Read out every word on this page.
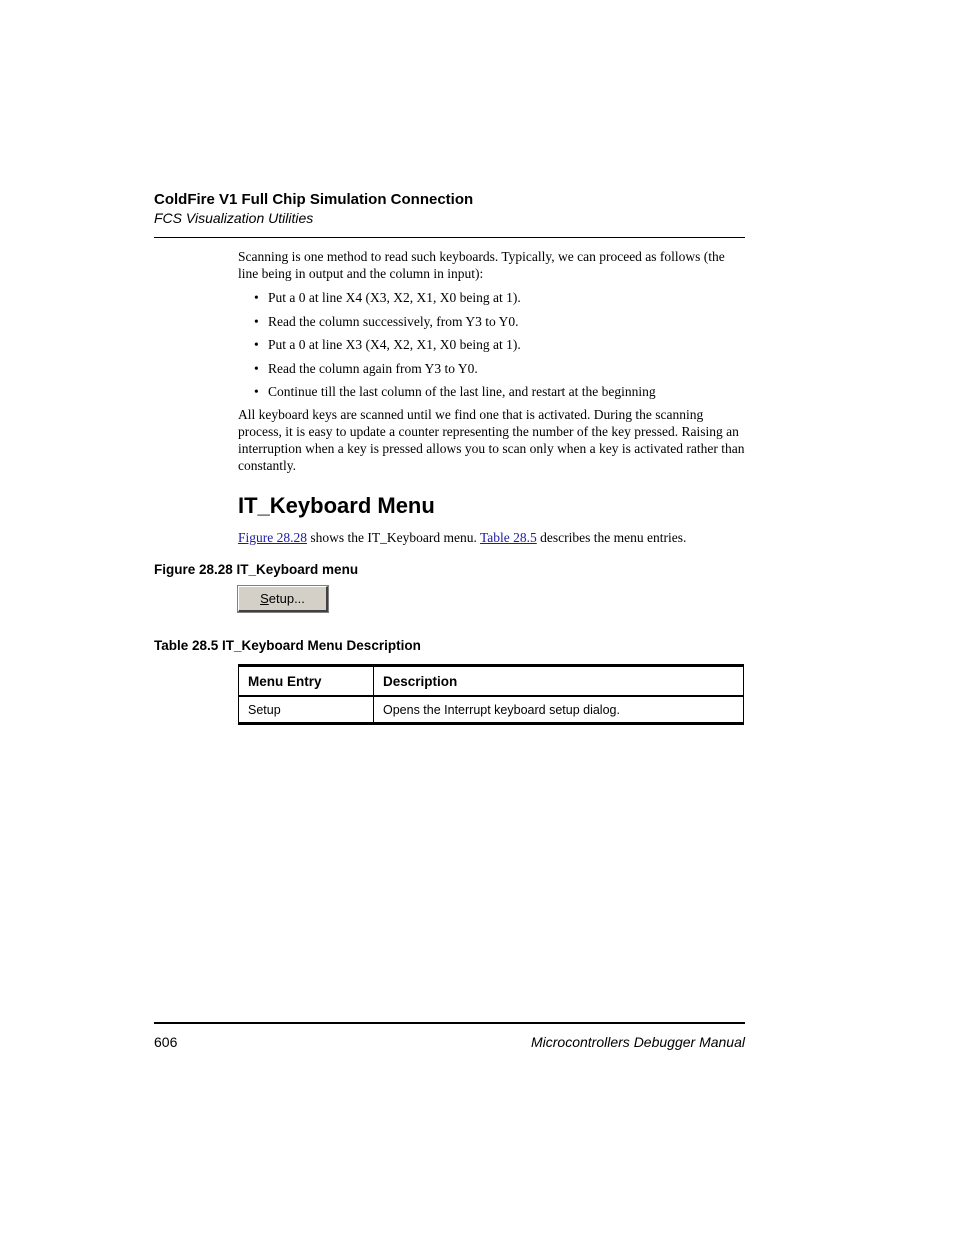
ColdFire V1 Full Chip Simulation Connection
FCS Visualization Utilities

Scanning is one method to read such keyboards. Typically, we can proceed as follows (the line being in output and the column in input):

• Put a 0 at line X4 (X3, X2, X1, X0 being at 1).
• Read the column successively, from Y3 to Y0.
• Put a 0 at line X3 (X4, X2, X1, X0 being at 1).
• Read the column again from Y3 to Y0.
• Continue till the last column of the last line, and restart at the beginning

All keyboard keys are scanned until we find one that is activated. During the scanning process, it is easy to update a counter representing the number of the key pressed. Raising an interruption when a key is pressed allows you to scan only when a key is activated rather than constantly.

IT_Keyboard Menu

Figure 28.28 shows the IT_Keyboard menu. Table 28.5 describes the menu entries.

Figure 28.28 IT_Keyboard menu
S etup...
Table 28.5 IT_Keyboard Menu Description
Menu Entry	Description
Setup	Opens the Interrupt keyboard setup dialog.
606	Microcontrollers Debugger Manual
